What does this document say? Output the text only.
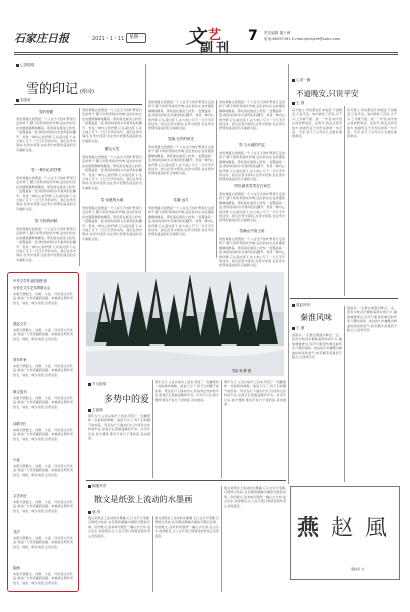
石家庄日报	2021・1・11	星期一 文 艺
副 刊
7 责任编辑 董子洲
电话:86597161 E-mail:sjzrbjzhf@sohu.com
心香绵绵
雪的印记 (组诗)
刘清泉
雪的骨骼
雪的骨骼让我想起一个人在冬天的旷野里行走的样子,脚下的积雪咯吱作响,远处的村庄在炊烟里静静地睡着。那些落在屋顶上的雪,一层覆盖着一层,像是时间的书页被风轻轻翻开。雪是一种内心的抒情,它从高处落下,在大地上写下一行行无声的诗句。我们在雪中等待,在雪中回望,也在雪中把那些遥远的名字重新念起。
雪·一种内心的抒情
雪的骨骼让我想起一个人在冬天的旷野里行走的样子,脚下的积雪咯吱作响,远处的村庄在炊烟里静静地睡着。那些落在屋顶上的雪,一层覆盖着一层,像是时间的书页被风轻轻翻开。雪是一种内心的抒情,它从高处落下,在大地上写下一行行无声的诗句。我们在雪中等待,在雪中回望,也在雪中把那些遥远的名字重新念起。
雪·与你的问候
雪的骨骼让我想起一个人在冬天的旷野里行走的样子,脚下的积雪咯吱作响,远处的村庄在炊烟里静静地睡着。那些落在屋顶上的雪,一层覆盖着一层,像是时间的书页被风轻轻翻开。雪是一种内心的抒情,它从高处落下,在大地上写下一行行无声的诗句。我们在雪中等待,在雪中回望,也在雪中把那些遥远的名字重新念起。
雪的骨骼让我想起一个人在冬天的旷野里行走的样子,脚下的积雪咯吱作响,远处的村庄在炊烟里静静地睡着。那些落在屋顶上的雪,一层覆盖着一层,像是时间的书页被风轻轻翻开。雪是一种内心的抒情,它从高处落下,在大地上写下一行行无声的诗句。我们在雪中等待,在雪中回望,也在雪中把那些遥远的名字重新念起。
鹅毛大雪
雪的骨骼让我想起一个人在冬天的旷野里行走的样子,脚下的积雪咯吱作响,远处的村庄在炊烟里静静地睡着。那些落在屋顶上的雪,一层覆盖着一层,像是时间的书页被风轻轻翻开。雪是一种内心的抒情,它从高处落下,在大地上写下一行行无声的诗句。我们在雪中等待,在雪中回望,也在雪中把那些遥远的名字重新念起。
雪·诗意的大地
雪的骨骼让我想起一个人在冬天的旷野里行走的样子,脚下的积雪咯吱作响,远处的村庄在炊烟里静静地睡着。那些落在屋顶上的雪,一层覆盖着一层,像是时间的书页被风轻轻翻开。雪是一种内心的抒情,它从高处落下,在大地上写下一行行无声的诗句。我们在雪中等待,在雪中回望,也在雪中把那些遥远的名字重新念起。
雪的骨骼让我想起一个人在冬天的旷野里行走的样子,脚下的积雪咯吱作响,远处的村庄在炊烟里静静地睡着。那些落在屋顶上的雪,一层覆盖着一层,像是时间的书页被风轻轻翻开。雪是一种内心的抒情,它从高处落下,在大地上写下一行行无声的诗句。我们在雪中等待,在雪中回望,也在雪中把那些遥远的名字重新念起。
雪落·无声的时光
雪的骨骼让我想起一个人在冬天的旷野里行走的样子,脚下的积雪咯吱作响,远处的村庄在炊烟里静静地睡着。那些落在屋顶上的雪,一层覆盖着一层,像是时间的书页被风轻轻翻开。雪是一种内心的抒情,它从高处落下,在大地上写下一行行无声的诗句。我们在雪中等待,在雪中回望,也在雪中把那些遥远的名字重新念起。
雪落·远方
雪的骨骼让我想起一个人在冬天的旷野里行走的样子,脚下的积雪咯吱作响,远处的村庄在炊烟里静静地睡着。那些落在屋顶上的雪,一层覆盖着一层,像是时间的书页被风轻轻翻开。雪是一种内心的抒情,它从高处落下,在大地上写下一行行无声的诗句。我们在雪中等待,在雪中回望,也在雪中把那些遥远的名字重新念起。
雪的骨骼让我想起一个人在冬天的旷野里行走的样子,脚下的积雪咯吱作响,远处的村庄在炊烟里静静地睡着。那些落在屋顶上的雪,一层覆盖着一层,像是时间的书页被风轻轻翻开。雪是一种内心的抒情,它从高处落下,在大地上写下一行行无声的诗句。我们在雪中等待,在雪中回望,也在雪中把那些遥远的名字重新念起。
雪·与大地的约定
雪的骨骼让我想起一个人在冬天的旷野里行走的样子,脚下的积雪咯吱作响,远处的村庄在炊烟里静静地睡着。那些落在屋顶上的雪,一层覆盖着一层,像是时间的书页被风轻轻翻开。雪是一种内心的抒情,它从高处落下,在大地上写下一行行无声的诗句。我们在雪中等待,在雪中回望,也在雪中把那些遥远的名字重新念起。
中国,最美雪景在石家庄
雪的骨骼让我想起一个人在冬天的旷野里行走的样子,脚下的积雪咯吱作响,远处的村庄在炊烟里静静地睡着。那些落在屋顶上的雪,一层覆盖着一层,像是时间的书页被风轻轻翻开。雪是一种内心的抒情,它从高处落下,在大地上写下一行行无声的诗句。我们在雪中等待,在雪中回望,也在雪中把那些遥远的名字重新念起。
雪满山中高士卧
雪的骨骼让我想起一个人在冬天的旷野里行走的样子,脚下的积雪咯吱作响,远处的村庄在炊烟里静静地睡着。那些落在屋顶上的雪,一层覆盖着一层,像是时间的书页被风轻轻翻开。雪是一种内心的抒情,它从高处落下,在大地上写下一行行无声的诗句。我们在雪中等待,在雪中回望,也在雪中把那些遥远的名字重新念起。
心香一瓣
不道晚安,只说平安
王 强
每天晚上,母亲都会打来电话,不说晚安,只说平安。她问我吃了没有,冷不冷,工作累不累。我一一作答,她才放心地挂断电话。这些年,我走过很多地方,却始终走不出母亲的那一句平安。平安,是天下父母对儿女最朴素的牵挂。
每天晚上,母亲都会打来电话,不说晚安,只说平安。她问我吃了没有,冷不冷,工作累不累。我一一作答,她才放心地挂断电话。这些年,我走过很多地方,却始终走不出母亲的那一句平安。平安,是天下父母对儿女最朴素的牵挂。
燕赵风华
秦淮风味
王 蕾
到南京,一定要去秦淮河畔走一走。夜色中的河水倒映着两岸的灯火,画舫缓缓驶过,桨声灯影里仿佛还能听见六朝的余韵。街边的小吃摊飘出鸭血粉丝汤的香气,桂花糖芋苗甜而不腻,让人回味无穷。
到南京,一定要去秦淮河畔走一走。夜色中的河水倒映着两岸的灯火,画舫缓缓驶过,桨声灯影里仿佛还能听见六朝的余韵。街边的小吃摊飘出鸭血粉丝汤的香气,桂花糖芋苗甜而不腻,让人回味无穷。
燕 赵 風
燕赵风 书
中华文学作品的组织者
石家庄文学艺术界联合会
本版刊登散文、诗歌、小说、评论等文学作品,欢迎广大作者踊跃投稿。来稿请注明作者姓名、地址、联系电话,文责自负。
燕赵文学
本版刊登散文、诗歌、小说、评论等文学作品,欢迎广大作者踊跃投稿。来稿请注明作者姓名、地址、联系电话,文责自负。
青年作家
本版刊登散文、诗歌、小说、评论等文学作品,欢迎广大作者踊跃投稿。来稿请注明作者姓名、地址、联系电话,文责自负。
散文选刊
本版刊登散文、诗歌、小说、评论等文学作品,欢迎广大作者踊跃投稿。来稿请注明作者姓名、地址、联系电话,文责自负。
诗歌专栏
本版刊登散文、诗歌、小说、评论等文学作品,欢迎广大作者踊跃投稿。来稿请注明作者姓名、地址、联系电话,文责自负。
小说
本版刊登散文、诗歌、小说、评论等文学作品,欢迎广大作者踊跃投稿。来稿请注明作者姓名、地址、联系电话,文责自负。
文艺评论
本版刊登散文、诗歌、小说、评论等文学作品,欢迎广大作者踊跃投稿。来稿请注明作者姓名、地址、联系电话,文责自负。
书法
本版刊登散文、诗歌、小说、评论等文学作品,欢迎广大作者踊跃投稿。来稿请注明作者姓名、地址、联系电话,文责自负。
绘画
本版刊登散文、诗歌、小说、评论等文学作品,欢迎广大作者踊跃投稿。来稿请注明作者姓名、地址、联系电话,文责自负。
雪韵 杨 柳 摄
岁月留痕
多势中的爱
王福林
那年冬天,父亲从集市上回来,带回了一包糖果和一双崭新的棉鞋。他说天冷了,孩子们的脚不能冻着。母亲在灯下缝补旧衣,针线穿过布料的声音,是我记忆里最温暖的声音。许多年以后,我才懂得,那些平常日子里的爱,其实最深。
那年冬天,父亲从集市上回来,带回了一包糖果和一双崭新的棉鞋。他说天冷了,孩子们的脚不能冻着。母亲在灯下缝补旧衣,针线穿过布料的声音,是我记忆里最温暖的声音。许多年以后,我才懂得,那些平常日子里的爱,其实最深。
那年冬天,父亲从集市上回来,带回了一包糖果和一双崭新的棉鞋。他说天冷了,孩子们的脚不能冻着。母亲在灯下缝补旧衣,针线穿过布料的声音,是我记忆里最温暖的声音。许多年以后,我才懂得,那些平常日子里的爱,其实最深。
翰墨丹青
散文是纸张上流动的水墨画
桑 梓
散文是纸张上流动的水墨画,它以文字为笔墨,以情感为色彩,在有限的篇幅中描绘无限的意境。好的散文,读来如同观赏一幅山水长卷,远山近水,浓淡相宜,让人在字里行间感受到作者心灵的温度。
散文是纸张上流动的水墨画,它以文字为笔墨,以情感为色彩,在有限的篇幅中描绘无限的意境。好的散文,读来如同观赏一幅山水长卷,远山近水,浓淡相宜,让人在字里行间感受到作者心灵的温度。
散文是纸张上流动的水墨画,它以文字为笔墨,以情感为色彩,在有限的篇幅中描绘无限的意境。好的散文,读来如同观赏一幅山水长卷,远山近水,浓淡相宜,让人在字里行间感受到作者心灵的温度。
